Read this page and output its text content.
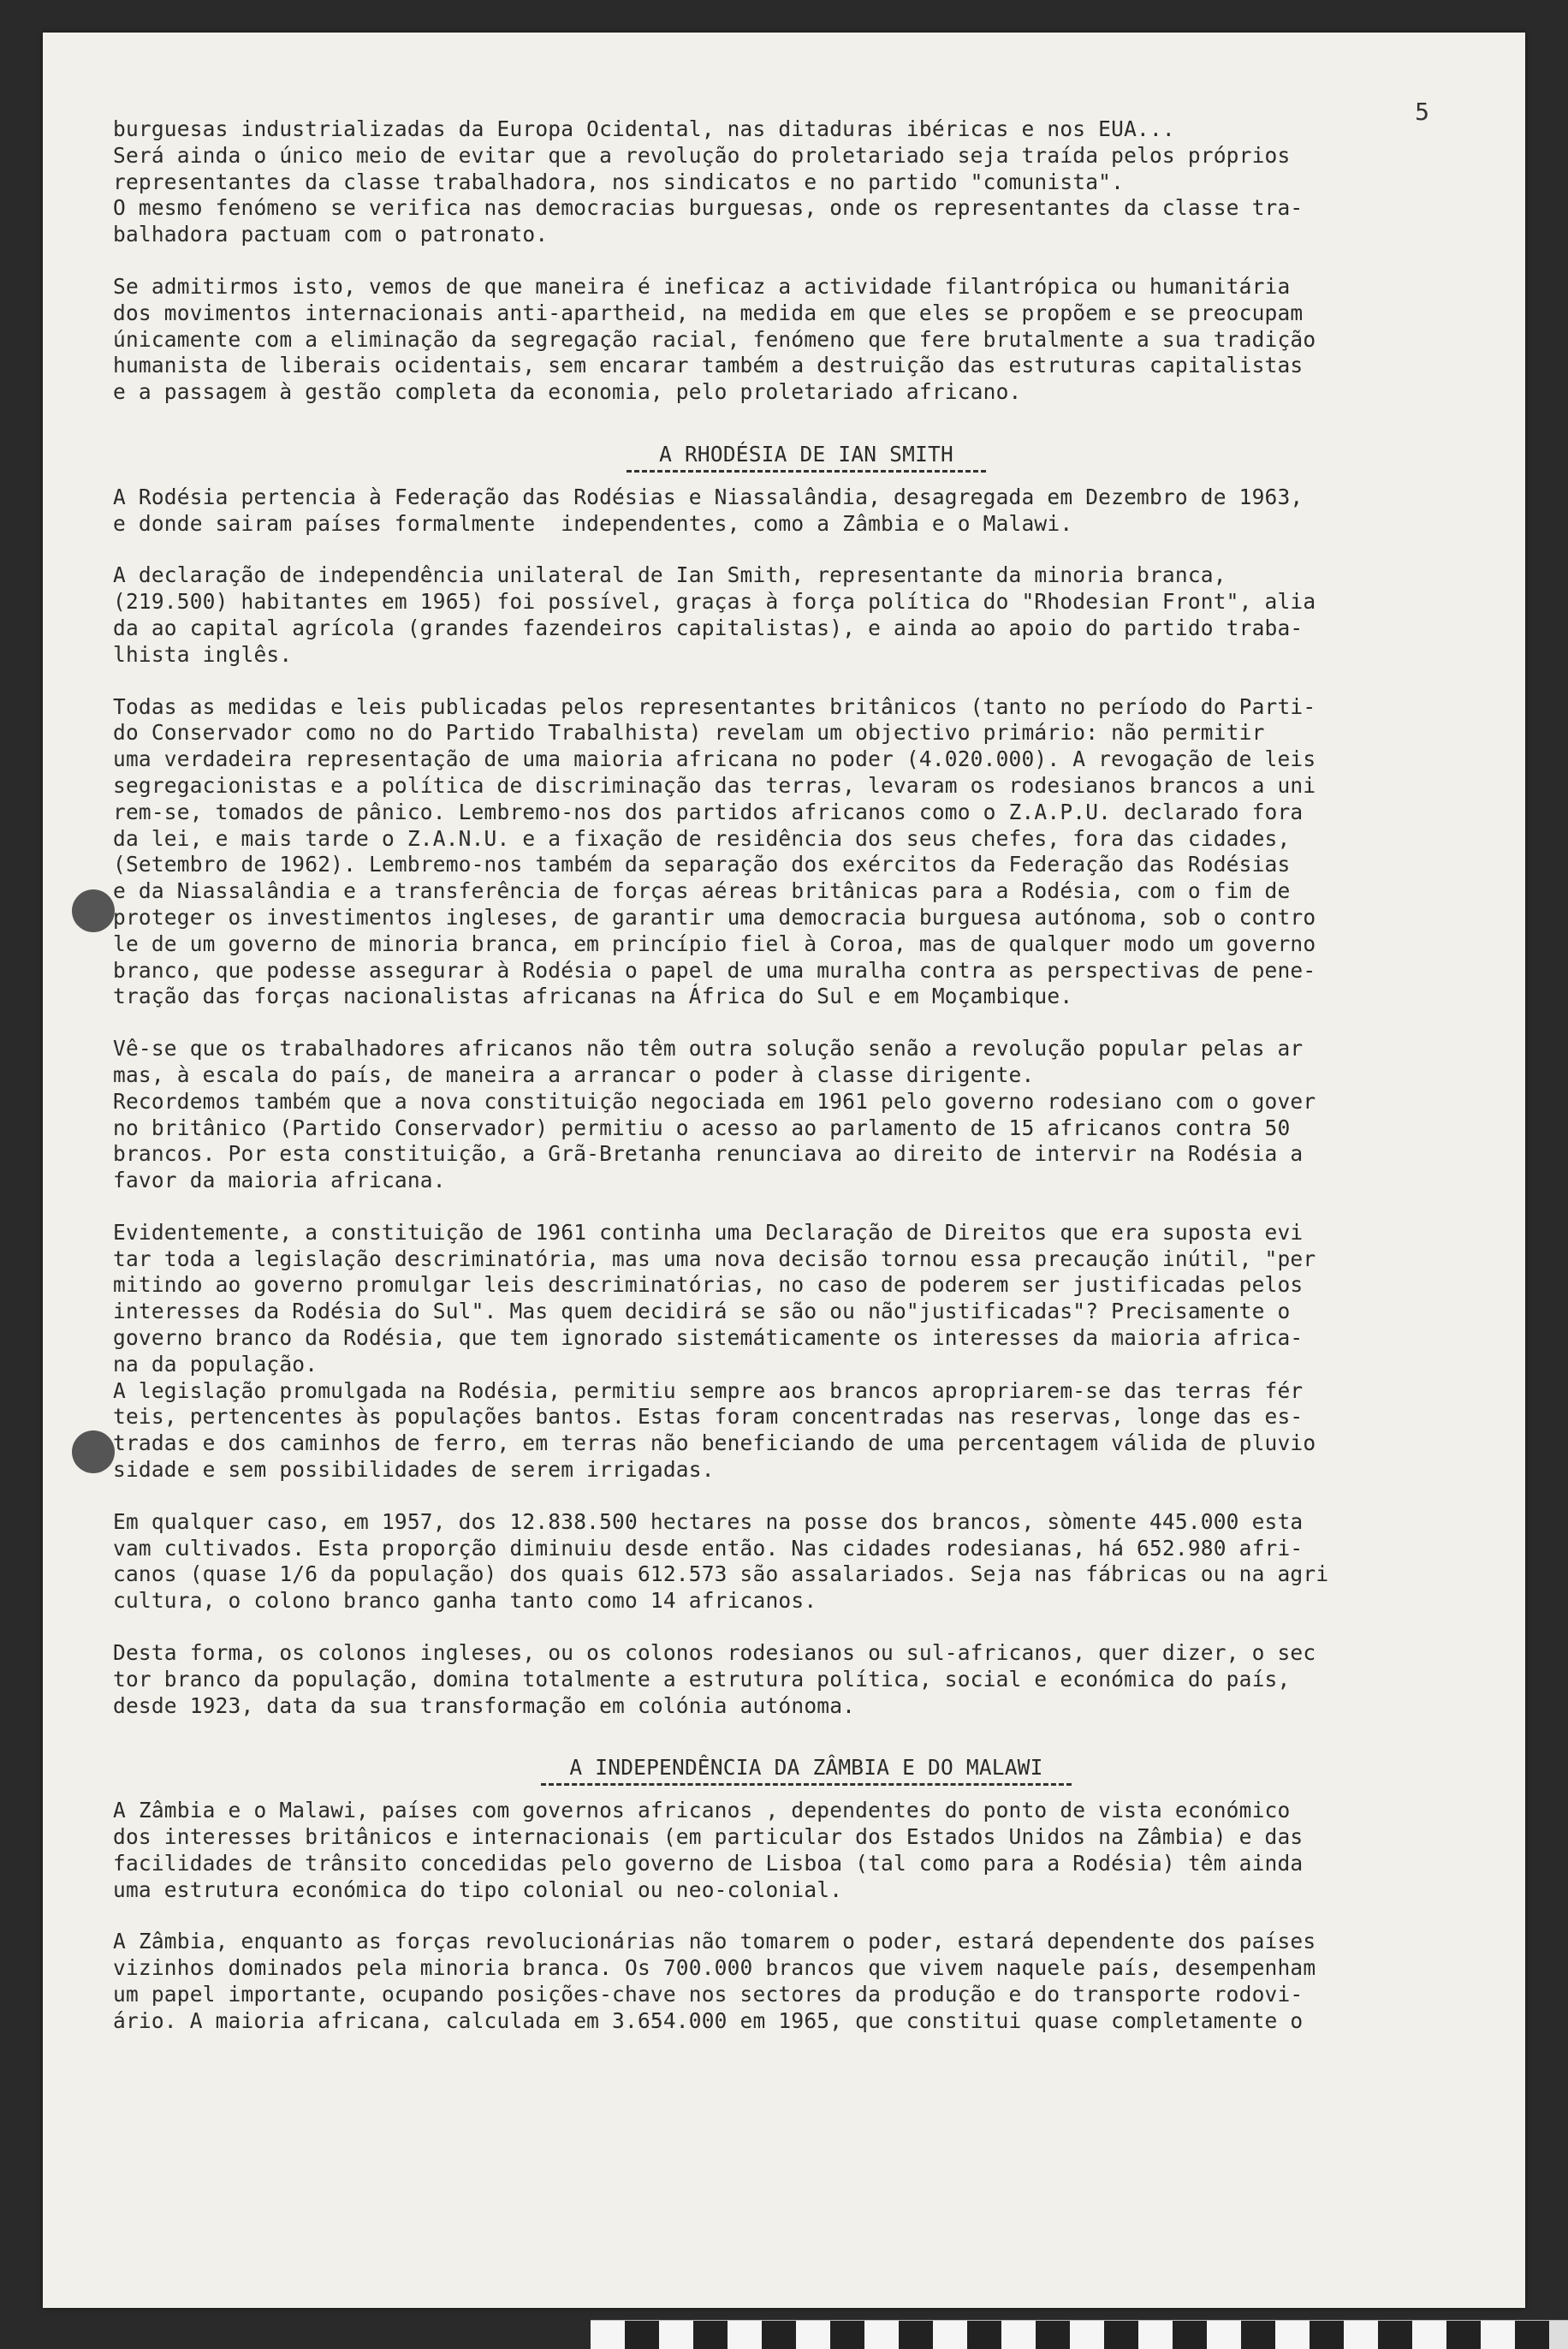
5
burguesas industrializadas da Europa Ocidental, nas ditaduras ibéricas e nos EUA...
Será ainda o único meio de evitar que a revolução do proletariado seja traída pelos próprios
representantes da classe trabalhadora, nos sindicatos e no partido "comunista".
O mesmo fenómeno se verifica nas democracias burguesas, onde os representantes da classe tra-
balhadora pactuam com o patronato.
Se admitirmos isto, vemos de que maneira é ineficaz a actividade filantrópica ou humanitária
dos movimentos internacionais anti-apartheid, na medida em que eles se propõem e se preocupam
únicamente com a eliminação da segregação racial, fenómeno que fere brutalmente a sua tradição
humanista de liberais ocidentais, sem encarar também a destruição das estruturas capitalistas
e a passagem à gestão completa da economia, pelo proletariado africano.
A RHODÉSIA DE IAN SMITH
A Rodésia pertencia à Federação das Rodésias e Niassalândia, desagregada em Dezembro de 1963,
e donde sairam países formalmente  independentes, como a Zâmbia e o Malawi.
A declaração de independência unilateral de Ian Smith, representante da minoria branca,
(219.500) habitantes em 1965) foi possível, graças à força política do "Rhodesian Front", alia
da ao capital agrícola (grandes fazendeiros capitalistas), e ainda ao apoio do partido traba-
lhista inglês.
Todas as medidas e leis publicadas pelos representantes britânicos (tanto no período do Parti-
do Conservador como no do Partido Trabalhista) revelam um objectivo primário: não permitir
uma verdadeira representação de uma maioria africana no poder (4.020.000). A revogação de leis
segregacionistas e a política de discriminação das terras, levaram os rodesianos brancos a uni
rem-se, tomados de pânico. Lembremo-nos dos partidos africanos como o Z.A.P.U. declarado fora
da lei, e mais tarde o Z.A.N.U. e a fixação de residência dos seus chefes, fora das cidades,
(Setembro de 1962). Lembremo-nos também da separação dos exércitos da Federação das Rodésias
e da Niassalândia e a transferência de forças aéreas britânicas para a Rodésia, com o fim de
proteger os investimentos ingleses, de garantir uma democracia burguesa autónoma, sob o contro
le de um governo de minoria branca, em princípio fiel à Coroa, mas de qualquer modo um governo
branco, que podesse assegurar à Rodésia o papel de uma muralha contra as perspectivas de pene-
tração das forças nacionalistas africanas na África do Sul e em Moçambique.
Vê-se que os trabalhadores africanos não têm outra solução senão a revolução popular pelas ar
mas, à escala do país, de maneira a arrancar o poder à classe dirigente.
Recordemos também que a nova constituição negociada em 1961 pelo governo rodesiano com o gover
no britânico (Partido Conservador) permitiu o acesso ao parlamento de 15 africanos contra 50
brancos. Por esta constituição, a Grã-Bretanha renunciava ao direito de intervir na Rodésia a
favor da maioria africana.
Evidentemente, a constituição de 1961 continha uma Declaração de Direitos que era suposta evi
tar toda a legislação descriminatória, mas uma nova decisão tornou essa precaução inútil, "per
mitindo ao governo promulgar leis descriminatórias, no caso de poderem ser justificadas pelos
interesses da Rodésia do Sul". Mas quem decidirá se são ou não"justificadas"? Precisamente o
governo branco da Rodésia, que tem ignorado sistemáticamente os interesses da maioria africa-
na da população.
A legislação promulgada na Rodésia, permitiu sempre aos brancos apropriarem-se das terras fér
teis, pertencentes às populações bantos. Estas foram concentradas nas reservas, longe das es-
tradas e dos caminhos de ferro, em terras não beneficiando de uma percentagem válida de pluvio
sidade e sem possibilidades de serem irrigadas.
Em qualquer caso, em 1957, dos 12.838.500 hectares na posse dos brancos, sòmente 445.000 esta
vam cultivados. Esta proporção diminuiu desde então. Nas cidades rodesianas, há 652.980 afri-
canos (quase 1/6 da população) dos quais 612.573 são assalariados. Seja nas fábricas ou na agri
cultura, o colono branco ganha tanto como 14 africanos.
Desta forma, os colonos ingleses, ou os colonos rodesianos ou sul-africanos, quer dizer, o sec
tor branco da população, domina totalmente a estrutura política, social e económica do país,
desde 1923, data da sua transformação em colónia autónoma.
A INDEPENDÊNCIA DA ZÂMBIA E DO MALAWI
A Zâmbia e o Malawi, países com governos africanos , dependentes do ponto de vista económico
dos interesses britânicos e internacionais (em particular dos Estados Unidos na Zâmbia) e das
facilidades de trânsito concedidas pelo governo de Lisboa (tal como para a Rodésia) têm ainda
uma estrutura económica do tipo colonial ou neo-colonial.
A Zâmbia, enquanto as forças revolucionárias não tomarem o poder, estará dependente dos países
vizinhos dominados pela minoria branca. Os 700.000 brancos que vivem naquele país, desempenham
um papel importante, ocupando posições-chave nos sectores da produção e do transporte rodovi-
ário. A maioria africana, calculada em 3.654.000 em 1965, que constitui quase completamente o
